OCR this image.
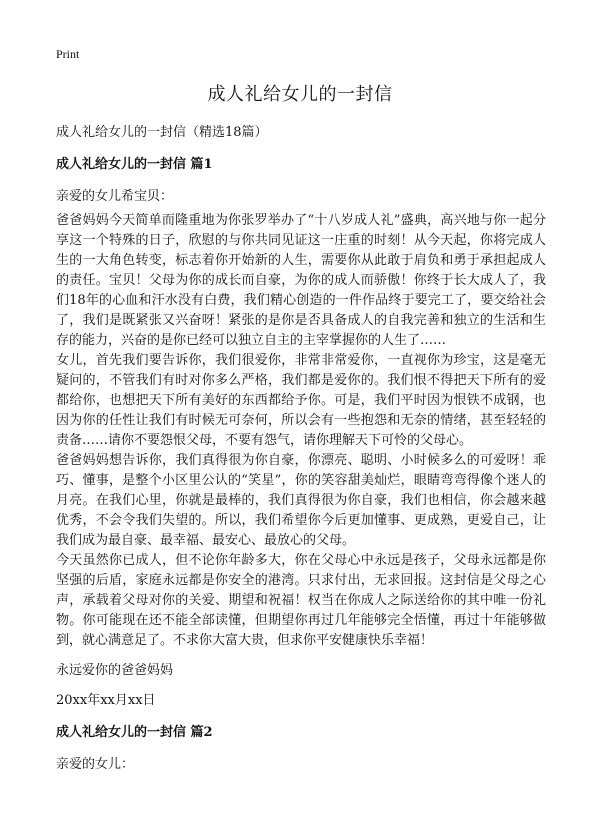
Print
成人礼给女儿的一封信

成人礼给女儿的一封信（精选18篇）

成人礼给女儿的一封信 篇1

亲爱的女儿希宝贝：

爸爸妈妈今天简单而隆重地为你张罗举办了“十八岁成人礼”盛典，高兴地与你一起分享这一个特殊的日子，欣慰的与你共同见证这一庄重的时刻！从今天起，你将完成人生的一大角色转变，标志着你开始新的人生，需要你从此敢于肩负和勇于承担起成人的责任。宝贝！父母为你的成长而自豪，为你的成人而骄傲！你终于长大成人了，我们18年的心血和汗水没有白费，我们精心创造的一件作品终于要完工了，要交给社会了，我们是既紧张又兴奋呀！紧张的是你是否具备成人的自我完善和独立的生活和生存的能力，兴奋的是你已经可以独立自主的主宰掌握你的人生了……

女儿，首先我们要告诉你，我们很爱你，非常非常爱你，一直视你为珍宝，这是毫无疑问的，不管我们有时对你多么严格，我们都是爱你的。我们恨不得把天下所有的爱都给你，也想把天下所有美好的东西都给予你。可是，我们平时因为恨铁不成钢，也因为你的任性让我们有时候无可奈何，所以会有一些抱怨和无奈的情绪，甚至轻轻的责备……请你不要怨恨父母，不要有怨气，请你理解天下可怜的父母心。

爸爸妈妈想告诉你，我们真得很为你自豪，你漂亮、聪明、小时候多么的可爱呀！乖巧、懂事，是整个小区里公认的“笑星”，你的笑容甜美灿烂，眼睛弯弯得像个迷人的月亮。在我们心里，你就是最棒的，我们真得很为你自豪，我们也相信，你会越来越优秀，不会令我们失望的。所以，我们希望你今后更加懂事、更成熟，更爱自己，让我们成为最自豪、最幸福、最安心、最放心的父母。

今天虽然你已成人，但不论你年龄多大，你在父母心中永远是孩子，父母永远都是你坚强的后盾，家庭永远都是你安全的港湾。只求付出，无求回报。这封信是父母之心声，承载着父母对你的关爱、期望和祝福！权当在你成人之际送给你的其中唯一份礼物。你可能现在还不能全部读懂，但期望你再过几年能够完全悟懂，再过十年能够做到，就心满意足了。不求你大富大贵，但求你平安健康快乐幸福！

永远爱你的爸爸妈妈

20xx年xx月xx日

成人礼给女儿的一封信 篇2

亲爱的女儿：
